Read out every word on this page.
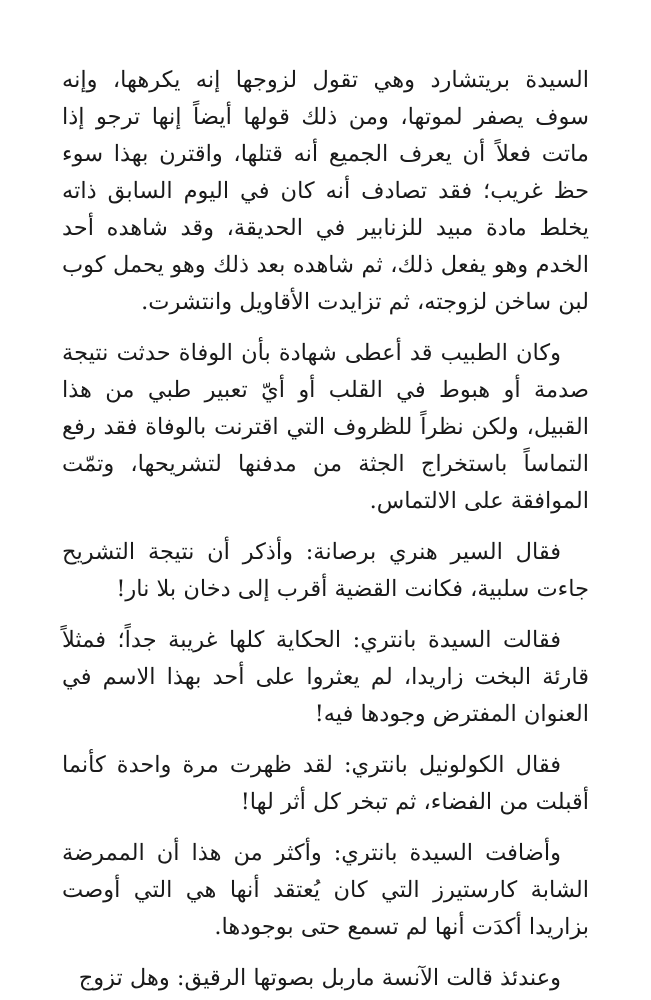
السيدة بريتشارد وهي تقول لزوجها إنه يكرهها، وإنه سوف يصفر لموتها، ومن ذلك قولها أيضاً إنها ترجو إذا ماتت فعلاً أن يعرف الجميع أنه قتلها، واقترن بهذا سوء حظ غريب؛ فقد تصادف أنه كان في اليوم السابق ذاته يخلط مادة مبيد للزنابير في الحديقة، وقد شاهده أحد الخدم وهو يفعل ذلك، ثم شاهده بعد ذلك وهو يحمل كوب لبن ساخن لزوجته، ثم تزايدت الأقاويل وانتشرت.

وكان الطبيب قد أعطى شهادة بأن الوفاة حدثت نتيجة صدمة أو هبوط في القلب أو أيّ تعبير طبي من هذا القبيل، ولكن نظراً للظروف التي اقترنت بالوفاة فقد رفع التماساً باستخراج الجثة من مدفنها لتشريحها، وتمّت الموافقة على الالتماس.

فقال السير هنري برصانة: وأذكر أن نتيجة التشريح جاءت سلبية، فكانت القضية أقرب إلى دخان بلا نار!

فقالت السيدة بانتري: الحكاية كلها غريبة جداً؛ فمثلاً قارئة البخت زاريدا، لم يعثروا على أحد بهذا الاسم في العنوان المفترض وجودها فيه!

فقال الكولونيل بانتري: لقد ظهرت مرة واحدة كأنما أقبلت من الفضاء، ثم تبخر كل أثر لها!

وأضافت السيدة بانتري: وأكثر من هذا أن الممرضة الشابة كارستيرز التي كان يُعتقد أنها هي التي أوصت بزاريدا أكدَت أنها لم تسمع حتى بوجودها.

وعندئذ قالت الآنسة ماربل بصوتها الرقيق: وهل تزوج
